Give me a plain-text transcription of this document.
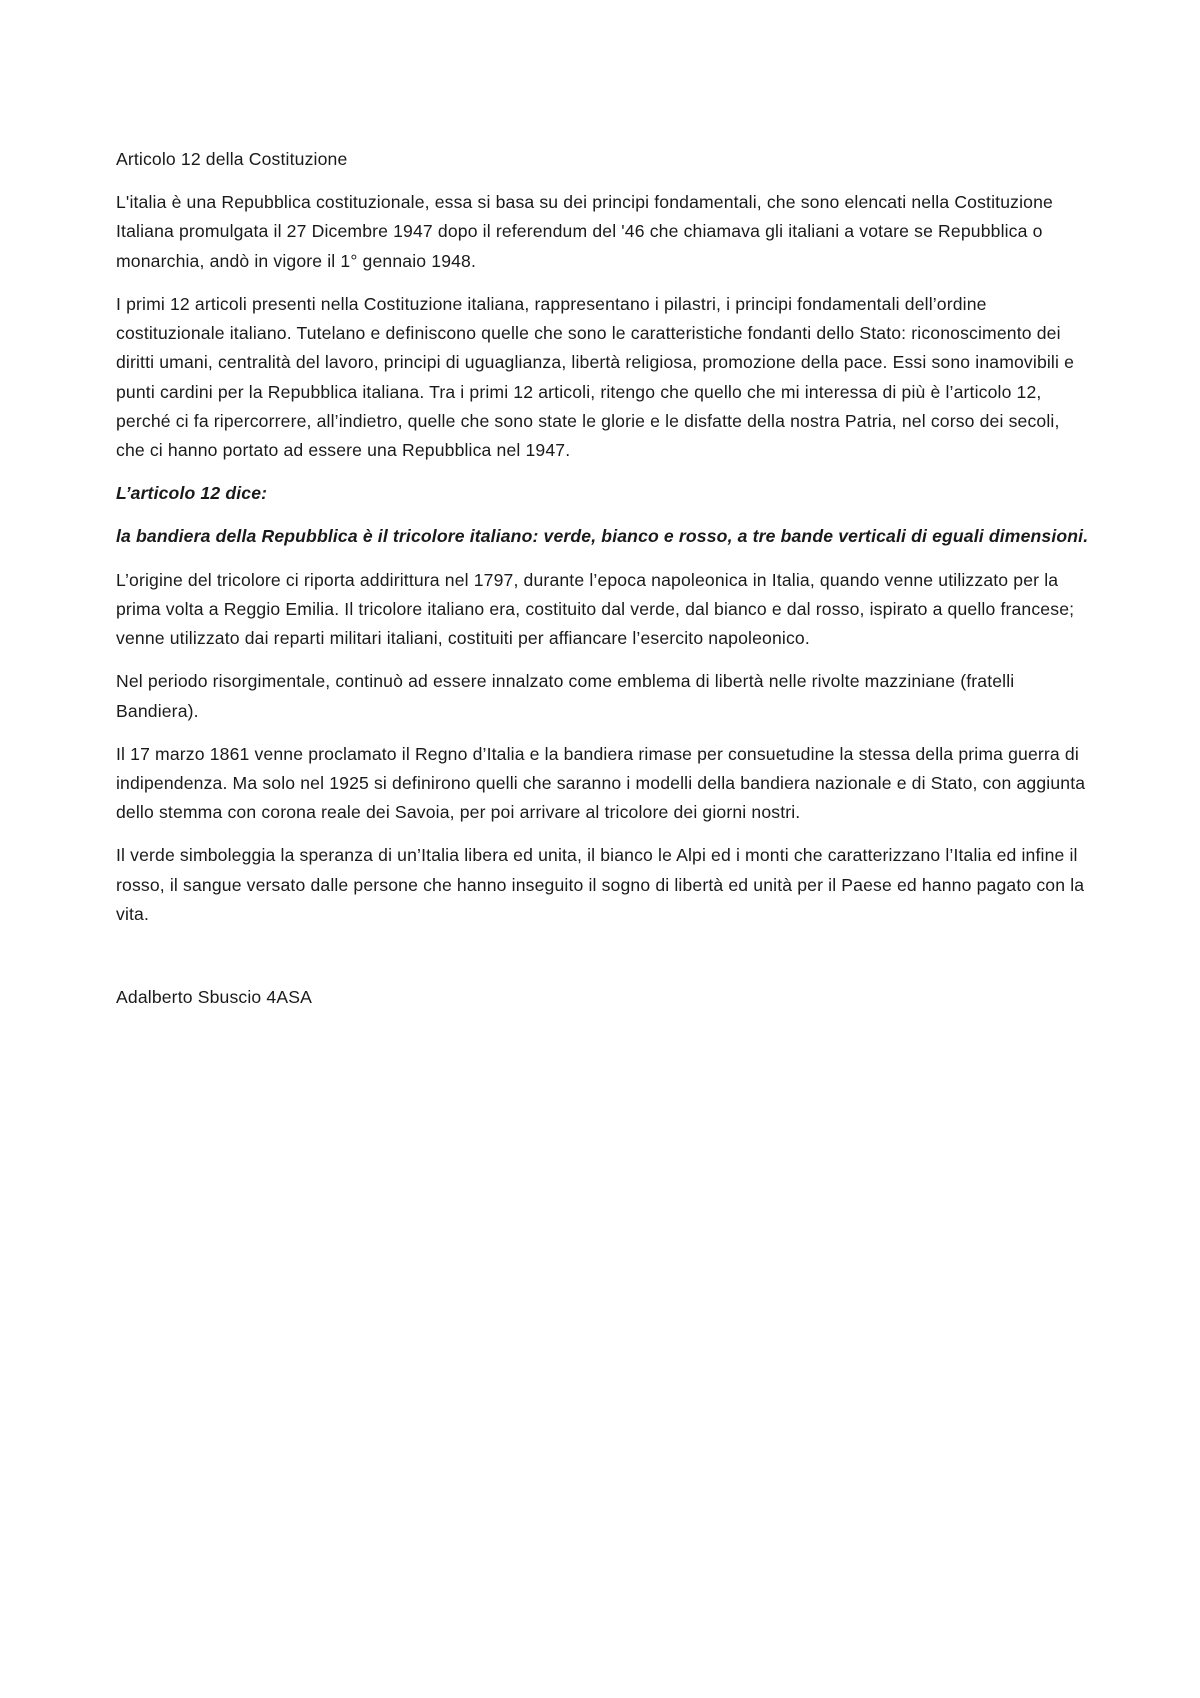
Articolo 12 della Costituzione

L'italia è una Repubblica costituzionale, essa si basa su dei principi fondamentali, che sono elencati nella Costituzione Italiana promulgata il 27 Dicembre 1947 dopo il referendum del '46 che chiamava gli italiani a votare se Repubblica o monarchia, andò in vigore il 1° gennaio 1948.

I primi 12 articoli presenti nella Costituzione italiana, rappresentano i pilastri, i principi fondamentali dell’ordine costituzionale italiano. Tutelano e definiscono quelle che sono le caratteristiche fondanti dello Stato: riconoscimento dei diritti umani, centralità del lavoro, principi di uguaglianza, libertà religiosa, promozione della pace. Essi sono inamovibili e punti cardini per la Repubblica italiana. Tra i primi 12 articoli, ritengo che quello che mi interessa di più è l’articolo 12, perché ci fa ripercorrere, all’indietro, quelle che sono state le glorie e le disfatte della nostra Patria, nel corso dei secoli, che ci hanno portato ad essere una Repubblica nel 1947.

L’articolo 12 dice:

la bandiera della Repubblica è il tricolore italiano: verde, bianco e rosso, a tre bande verticali di eguali dimensioni.

L’origine del tricolore ci riporta addirittura nel 1797, durante l’epoca napoleonica in Italia, quando venne utilizzato per la prima volta a Reggio Emilia. Il tricolore italiano era, costituito dal verde, dal bianco e dal rosso, ispirato a quello francese; venne utilizzato dai reparti militari italiani, costituiti per affiancare l’esercito napoleonico.

Nel periodo risorgimentale, continuò ad essere innalzato come emblema di libertà nelle rivolte mazziniane (fratelli Bandiera).

Il 17 marzo 1861 venne proclamato il Regno d’Italia e la bandiera rimase per consuetudine la stessa della prima guerra di indipendenza. Ma solo nel 1925 si definirono quelli che saranno i modelli della bandiera nazionale e di Stato, con aggiunta dello stemma con corona reale dei Savoia, per poi arrivare al tricolore dei giorni nostri.

Il verde simboleggia la speranza di un’Italia libera ed unita, il bianco le Alpi ed i monti che caratterizzano l’Italia ed infine il rosso, il sangue versato dalle persone che hanno inseguito il sogno di libertà ed unità per il Paese ed hanno pagato con la vita.

Adalberto Sbuscio 4ASA
